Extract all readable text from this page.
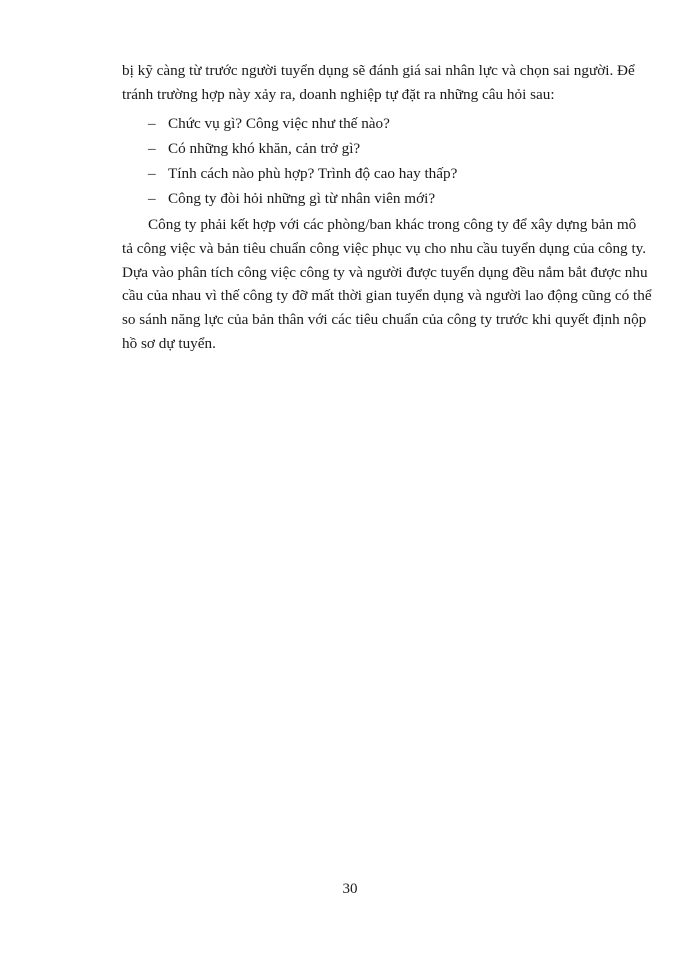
bị kỹ càng từ trước người tuyển dụng sẽ đánh giá sai nhân lực và chọn sai người. Để
tránh trường hợp này xảy ra, doanh nghiệp tự đặt ra những câu hỏi sau:
– Chức vụ gì? Công việc như thế nào?
– Có những khó khăn, cản trở gì?
– Tính cách nào phù hợp? Trình độ cao hay thấp?
– Công ty đòi hỏi những gì từ nhân viên mới?
Công ty phải kết hợp với các phòng/ban khác trong công ty để xây dựng bản mô
tả công việc và bản tiêu chuẩn công việc phục vụ cho nhu cầu tuyển dụng của công ty.
Dựa vào phân tích công việc công ty và người được tuyển dụng đều nắm bắt được nhu
cầu của nhau vì thế công ty đỡ mất thời gian tuyển dụng và người lao động cũng có thể
so sánh năng lực của bản thân với các tiêu chuẩn của công ty trước khi quyết định nộp
hồ sơ dự tuyển.
30
